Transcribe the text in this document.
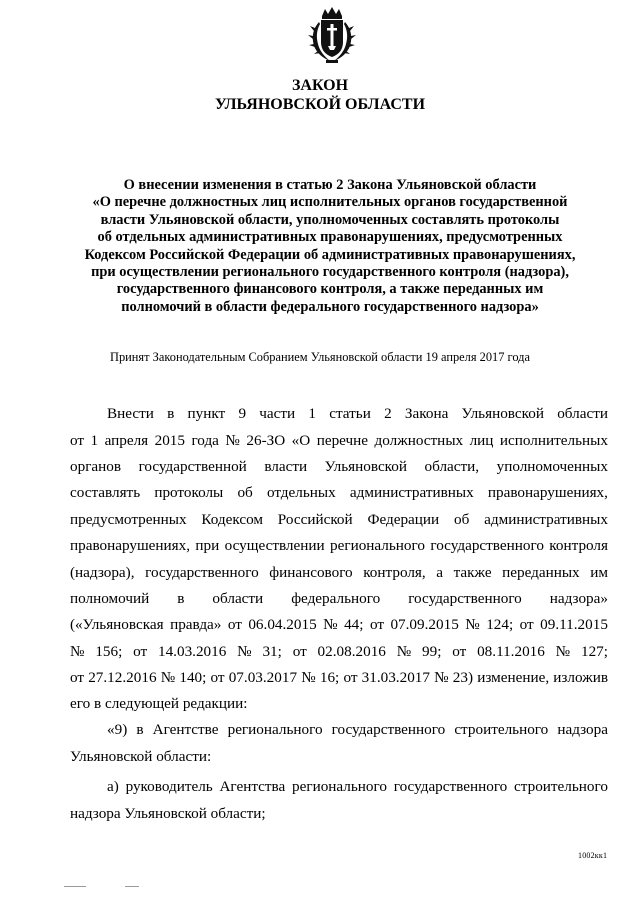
ЗАКОН
УЛЬЯНОВСКОЙ ОБЛАСТИ
О внесении изменения в статью 2 Закона Ульяновской области
«О перечне должностных лиц исполнительных органов государственной
власти Ульяновской области, уполномоченных составлять протоколы
об отдельных административных правонарушениях, предусмотренных
Кодексом Российской Федерации об административных правонарушениях,
при осуществлении регионального государственного контроля (надзора),
государственного финансового контроля, а также переданных им
полномочий в области федерального государственного надзора»
Принят Законодательным Собранием Ульяновской области 19 апреля 2017 года
Внести в пункт 9 части 1 статьи 2 Закона Ульяновской области
от 1 апреля 2015 года № 26-ЗО «О перечне должностных лиц исполнительных
органов государственной власти Ульяновской области, уполномоченных
составлять протоколы об отдельных административных правонарушениях,
предусмотренных Кодексом Российской Федерации об административных
правонарушениях, при осуществлении регионального государственного контроля
(надзора), государственного финансового контроля, а также переданных им
полномочий в области федерального государственного надзора»
(«Ульяновская правда» от 06.04.2015 № 44; от 07.09.2015 № 124; от 09.11.2015
№ 156; от 14.03.2016 № 31; от 02.08.2016 № 99; от 08.11.2016 № 127;
от 27.12.2016 № 140; от 07.03.2017 № 16; от 31.03.2017 № 23) изменение, изложив
его в следующей редакции:
«9) в Агентстве регионального государственного строительного надзора
Ульяновской области:
а) руководитель Агентства регионального государственного строительного
надзора Ульяновской области;
1002кк1
